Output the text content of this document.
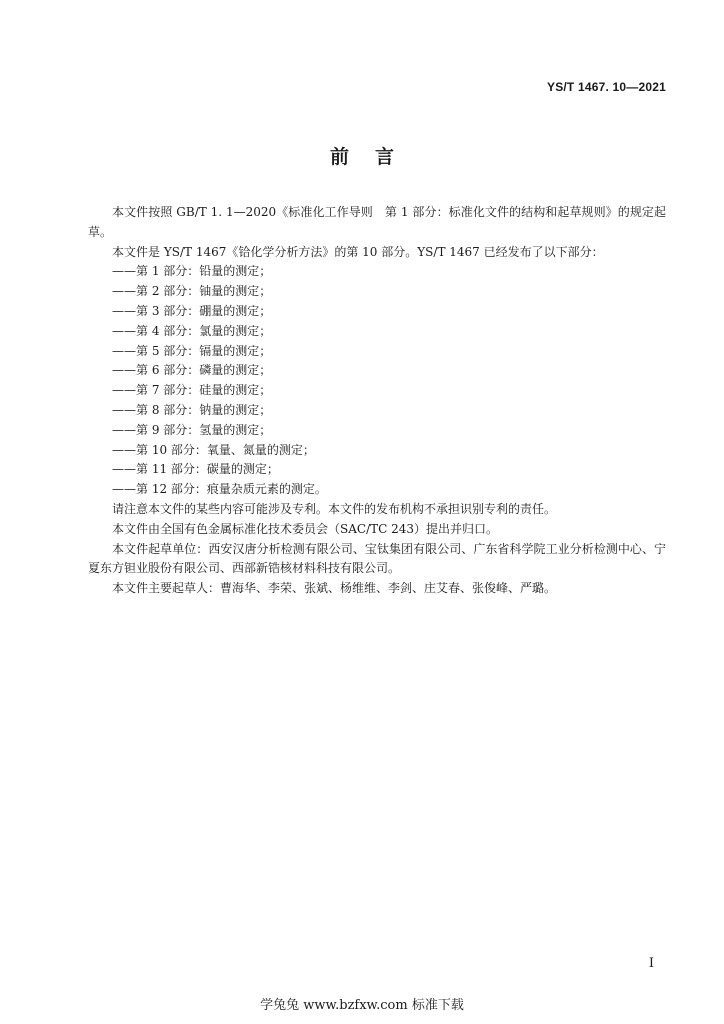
YS/T 1467. 10—2021
前言

本文件按照 GB/T 1. 1—2020《标准化工作导则　第 1 部分：标准化文件的结构和起草规则》的规定起草。

本文件是 YS/T 1467《铪化学分析方法》的第 10 部分。YS/T 1467 已经发布了以下部分：

——第 1 部分：铅量的测定；

——第 2 部分：铀量的测定；

——第 3 部分：硼量的测定；

——第 4 部分：氯量的测定；

——第 5 部分：镉量的测定；

——第 6 部分：磷量的测定；

——第 7 部分：硅量的测定；

——第 8 部分：钠量的测定；

——第 9 部分：氢量的测定；

——第 10 部分：氧量、氮量的测定；

——第 11 部分：碳量的测定；

——第 12 部分：痕量杂质元素的测定。

请注意本文件的某些内容可能涉及专利。本文件的发布机构不承担识别专利的责任。

本文件由全国有色金属标准化技术委员会（SAC/TC 243）提出并归口。

本文件起草单位：西安汉唐分析检测有限公司、宝钛集团有限公司、广东省科学院工业分析检测中心、宁夏东方钽业股份有限公司、西部新锆核材料科技有限公司。

本文件主要起草人：曹海华、李荣、张斌、杨维维、李剑、庄艾春、张俊峰、严璐。

I
学兔兔 www.bzfxw.com 标准下载
